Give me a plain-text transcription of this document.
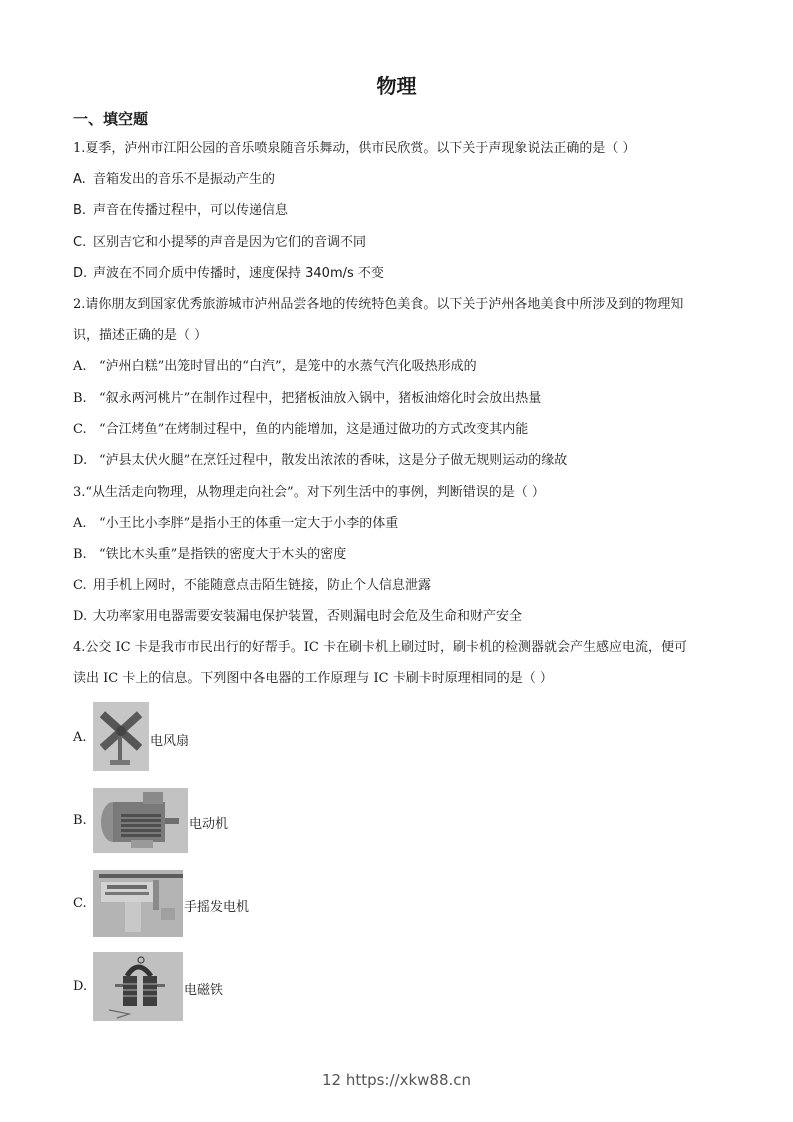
物理
一、填空题
1.夏季，泸州市江阳公园的音乐喷泉随音乐舞动，供市民欣赏。以下关于声现象说法正确的是（ ）
A. 音箱发出的音乐不是振动产生的
B. 声音在传播过程中，可以传递信息
C. 区别吉它和小提琴的声音是因为它们的音调不同
D. 声波在不同介质中传播时，速度保持 340m/s 不变
2.请你朋友到国家优秀旅游城市泸州品尝各地的传统特色美食。以下关于泸州各地美食中所涉及到的物理知
识，描述正确的是（ ）
A. “泸州白糕”出笼时冒出的“白汽”，是笼中的水蒸气汽化吸热形成的
B. “叙永两河桃片”在制作过程中，把猪板油放入锅中，猪板油熔化时会放出热量
C. “合江烤鱼”在烤制过程中，鱼的内能增加，这是通过做功的方式改变其内能
D. “泸县太伏火腿”在烹饪过程中，散发出浓浓的香味，这是分子做无规则运动的缘故
3.“从生活走向物理，从物理走向社会”。对下列生活中的事例，判断错误的是（ ）
A. “小王比小李胖”是指小王的体重一定大于小李的体重
B. “铁比木头重”是指铁的密度大于木头的密度
C. 用手机上网时，不能随意点击陌生链接，防止个人信息泄露
D. 大功率家用电器需要安装漏电保护装置，否则漏电时会危及生命和财产安全
4.公交 IC 卡是我市市民出行的好帮手。IC 卡在刷卡机上刷过时，刷卡机的检测器就会产生感应电流，便可
读出 IC 卡上的信息。下列图中各电器的工作原理与 IC 卡刷卡时原理相同的是（ ）
A.	电风扇
B.	电动机
C.	手摇发电机
D.	电磁铁
12 https://xkw88.cn
